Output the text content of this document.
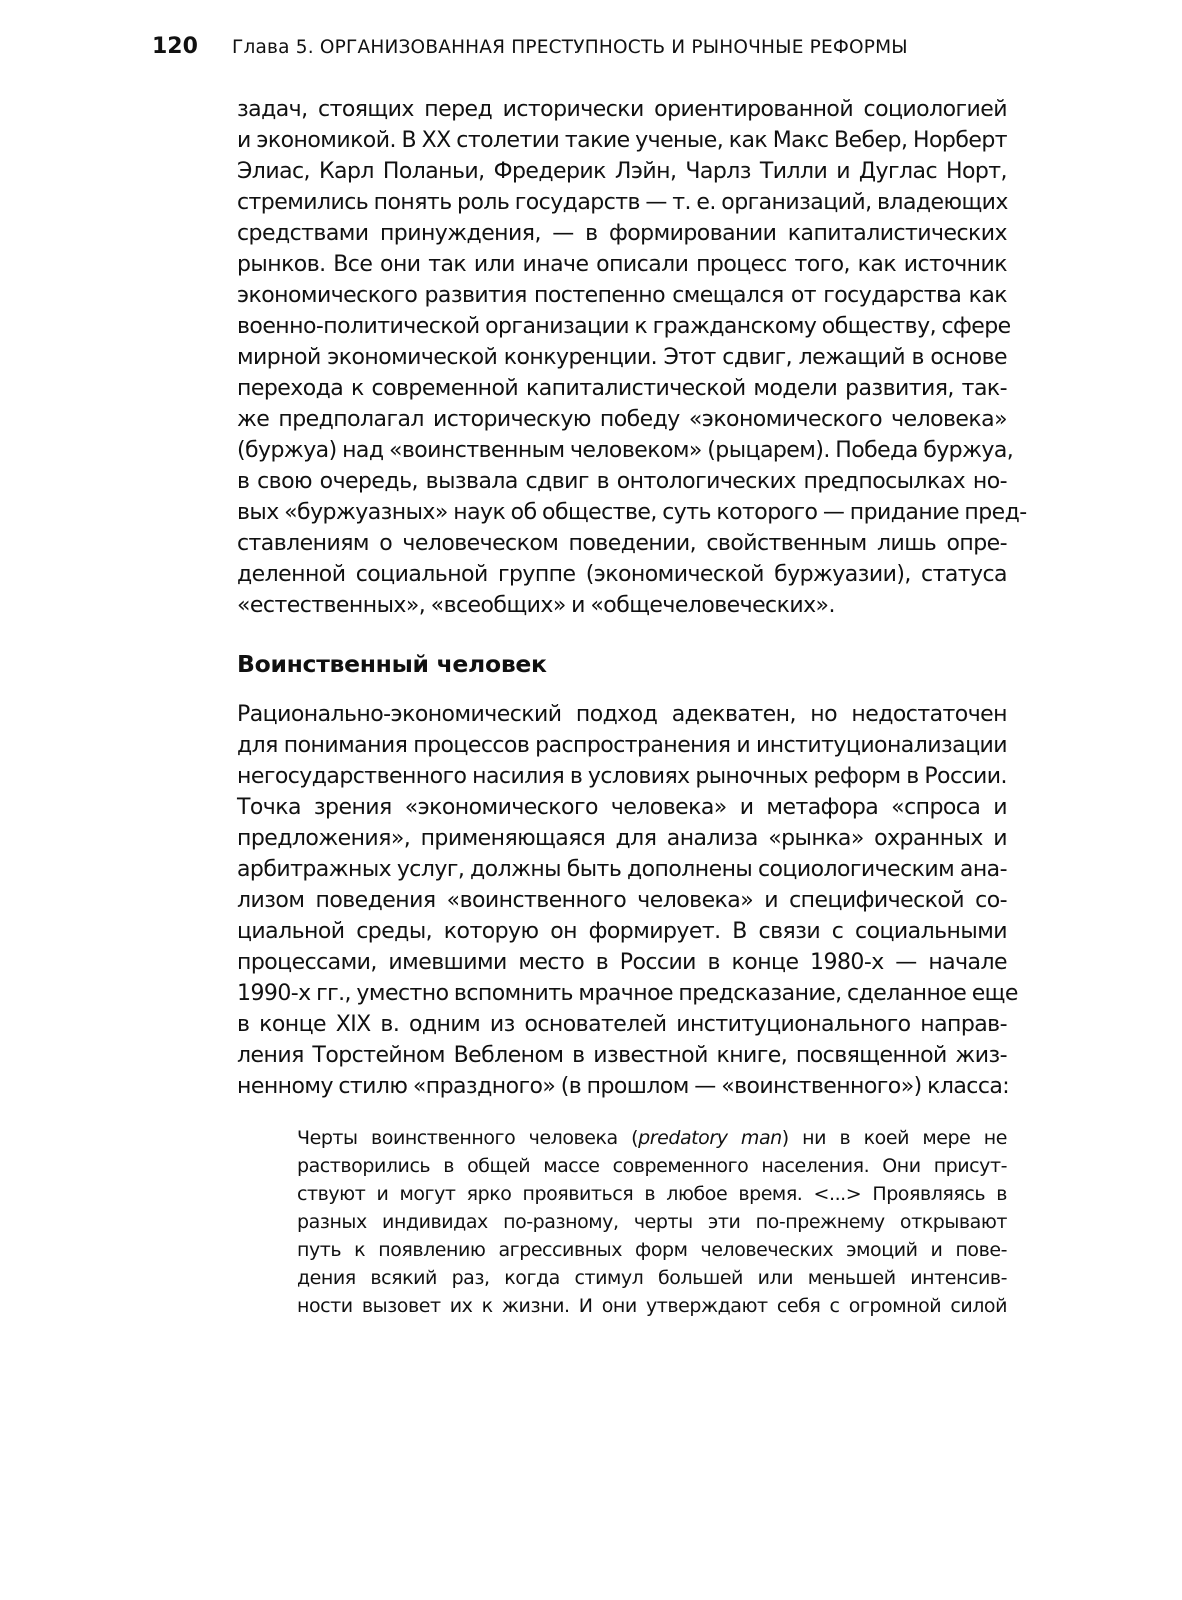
120	Глава 5. ОРГАНИЗОВАННАЯ ПРЕСТУПНОСТЬ И РЫНОЧНЫЕ РЕФОРМЫ
задач, стоящих перед исторически ориентированной социологией
и экономикой. В XX столетии такие ученые, как Макс Вебер, Норберт
Элиас, Карл Поланьи, Фредерик Лэйн, Чарлз Тилли и Дуглас Норт,
стремились понять роль государств — т. е. организаций, владеющих
средствами принуждения, — в формировании капиталистических
рынков. Все они так или иначе описали процесс того, как источник
экономического развития постепенно смещался от государства как
военно-политической организации к гражданскому обществу, сфере
мирной экономической конкуренции. Этот сдвиг, лежащий в основе
перехода к современной капиталистической модели развития, так-
же предполагал историческую победу «экономического человека»
(буржуа) над «воинственным человеком» (рыцарем). Победа буржуа,
в свою очередь, вызвала сдвиг в онтологических предпосылках но-
вых «буржуазных» наук об обществе, суть которого — придание пред-
ставлениям о человеческом поведении, свойственным лишь опре-
деленной социальной группе (экономической буржуазии), статуса
«естественных», «всеобщих» и «общечеловеческих».
Воинственный человек
Рационально-экономический подход адекватен, но недостаточен
для понимания процессов распространения и институционализации
негосударственного насилия в условиях рыночных реформ в России.
Точка зрения «экономического человека» и метафора «спроса и
предложения», применяющаяся для анализа «рынка» охранных и
арбитражных услуг, должны быть дополнены социологическим ана-
лизом поведения «воинственного человека» и специфической со-
циальной среды, которую он формирует. В связи с социальными
процессами, имевшими место в России в конце 1980-х — начале
1990-х гг., уместно вспомнить мрачное предсказание, сделанное еще
в конце XIX в. одним из основателей институционального направ-
ления Торстейном Вебленом в известной книге, посвященной жиз-
ненному стилю «праздного» (в прошлом — «воинственного») класса:
Черты воинственного человека (predatory man) ни в коей мере не
растворились в общей массе современного населения. Они присут-
ствуют и могут ярко проявиться в любое время. <...> Проявляясь в
разных индивидах по-разному, черты эти по-прежнему открывают
путь к появлению агрессивных форм человеческих эмоций и пове-
дения всякий раз, когда стимул большей или меньшей интенсив-
ности вызовет их к жизни. И они утверждают себя с огромной силой
